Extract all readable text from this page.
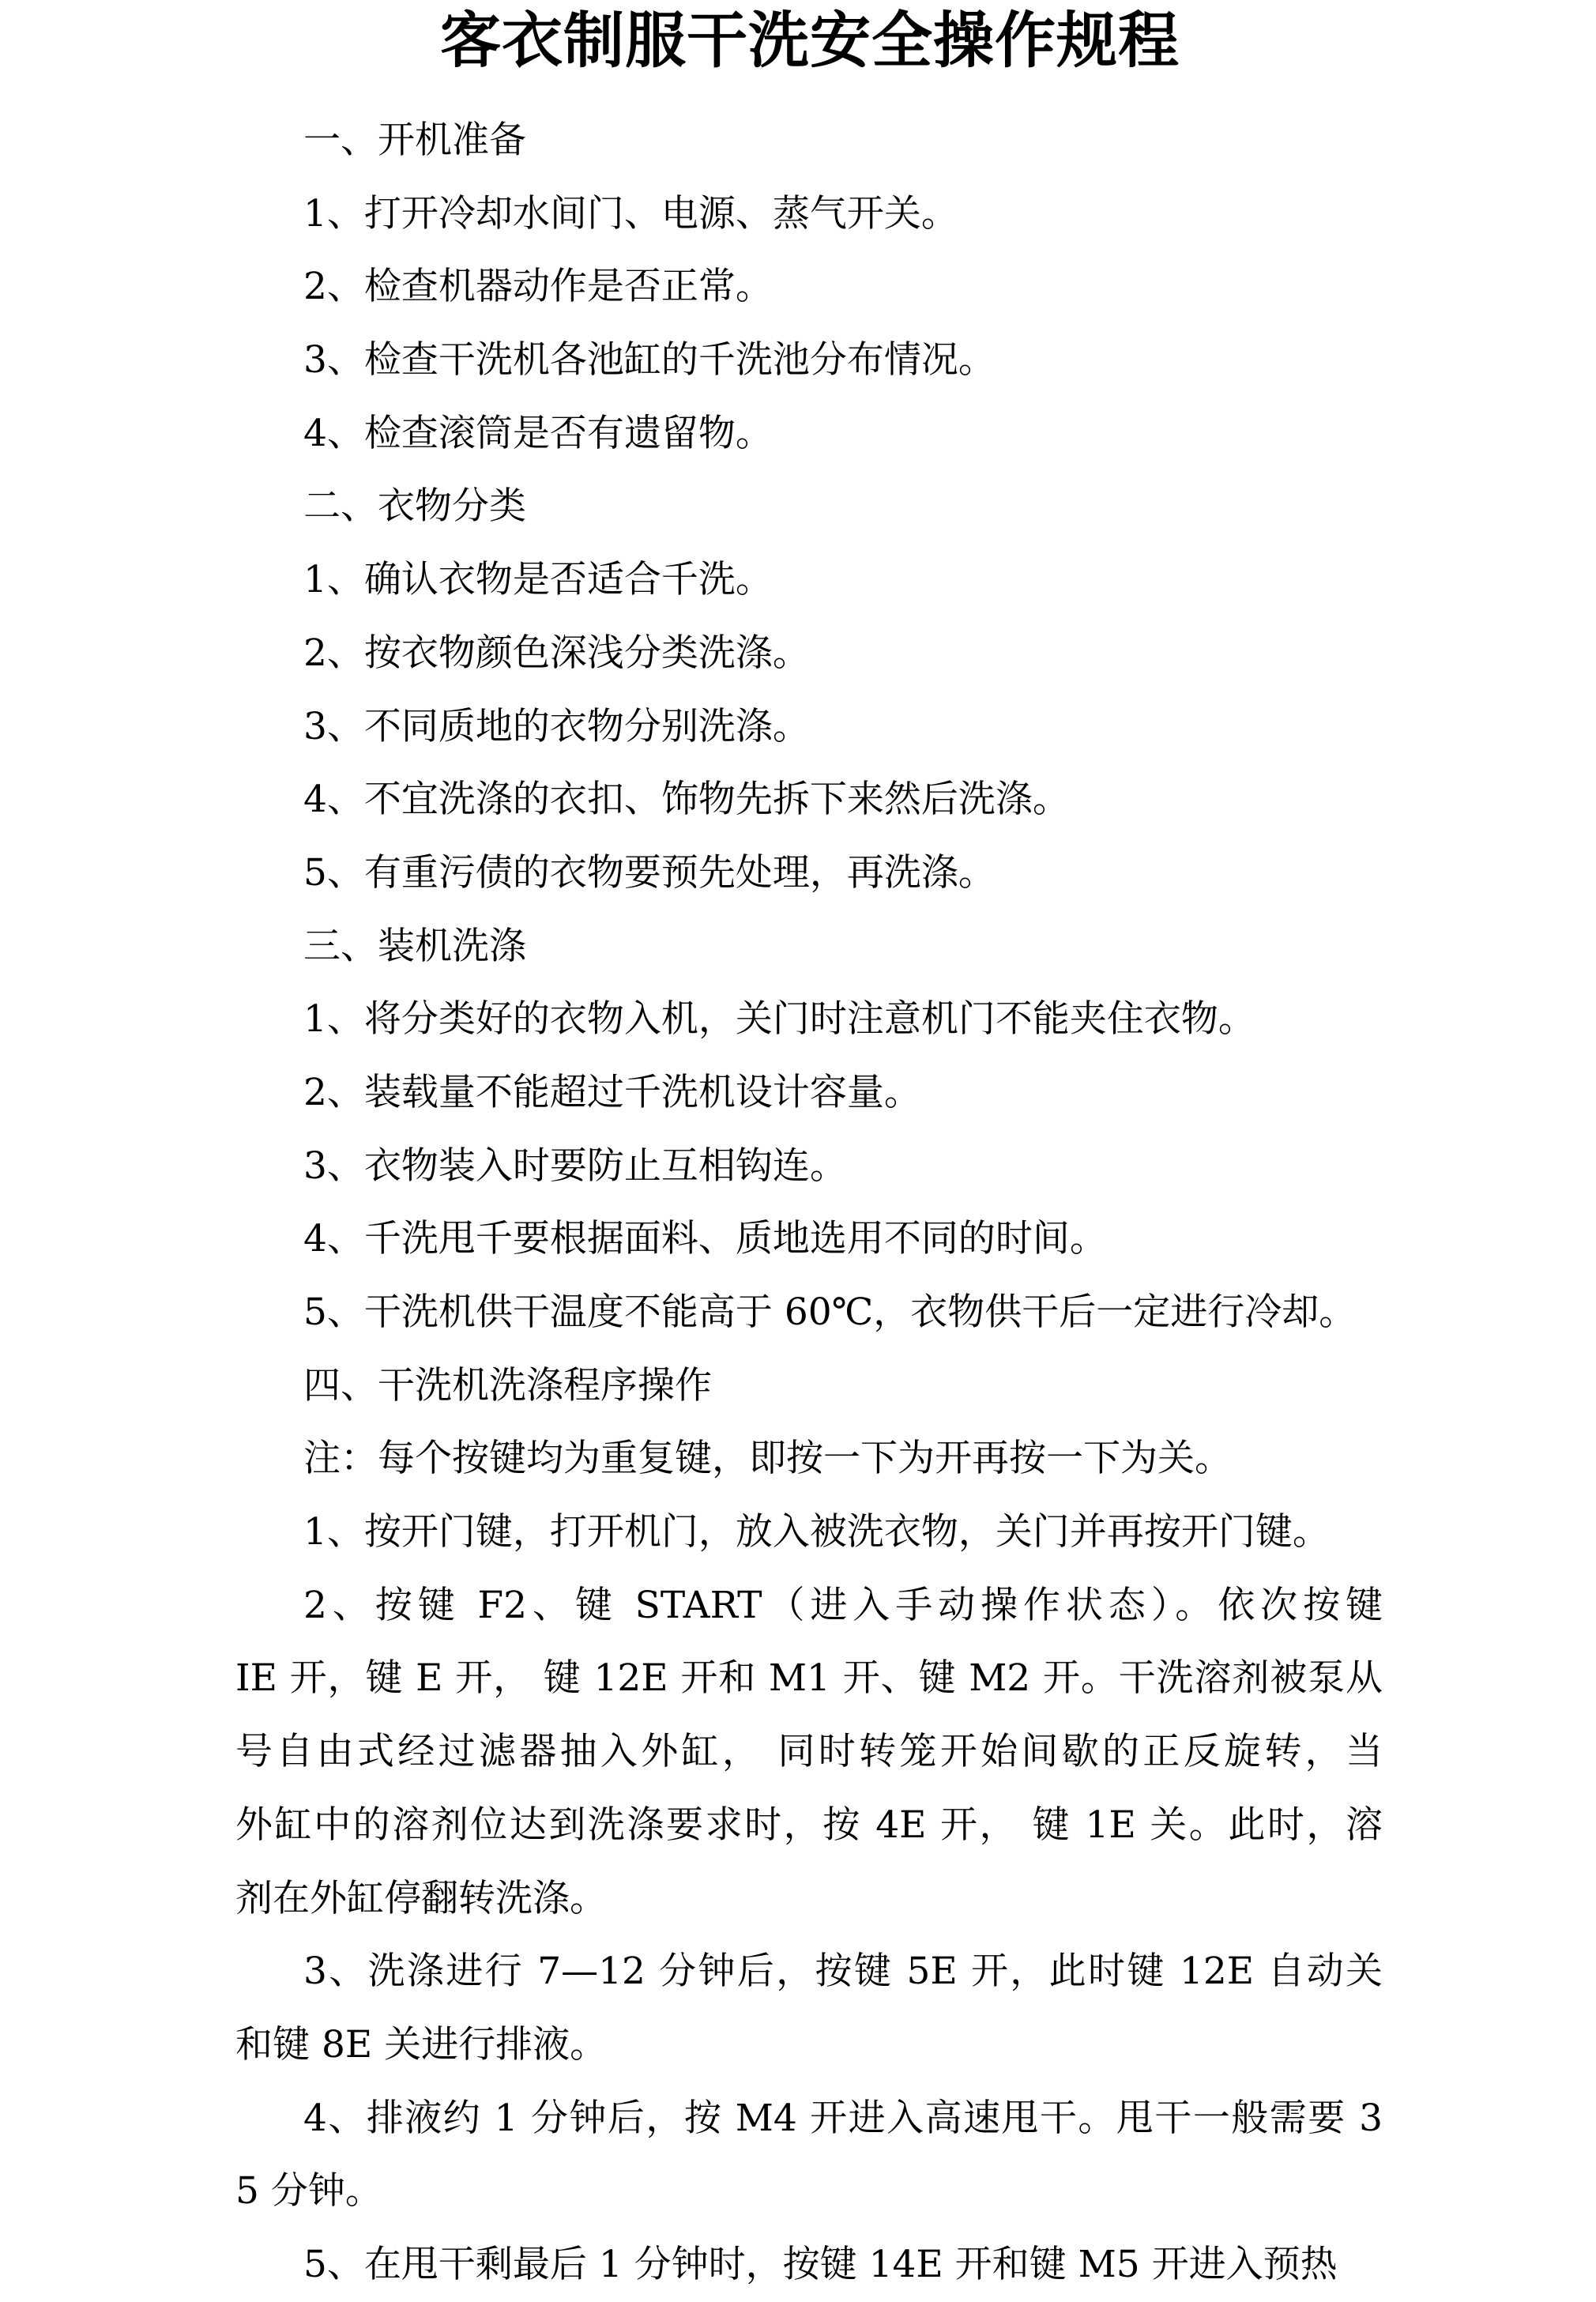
客衣制服干洗安全操作规程
一、开机准备
1、打开冷却水间门、电源、蒸气开关。
2、检查机器动作是否正常。
3、检查干洗机各池缸的千洗池分布情况。
4、检查滚筒是否有遗留物。
二、衣物分类
1、确认衣物是否适合千洗。
2、按衣物颜色深浅分类洗涤。
3、不同质地的衣物分别洗涤。
4、不宜洗涤的衣扣、饰物先拆下来然后洗涤。
5、有重污债的衣物要预先处理，再洗涤。
三、装机洗涤
1、将分类好的衣物入机，关门时注意机门不能夹住衣物。
2、装载量不能超过千洗机设计容量。
3、衣物装入时要防止互相钩连。
4、千洗甩千要根据面料、质地选用不同的时间。
5、干洗机供干温度不能高于 60℃，衣物供干后一定进行冷却。
四、干洗机洗涤程序操作
注：每个按键均为重复键，即按一下为开再按一下为关。
1、按开门键，打开机门，放入被洗衣物，关门并再按开门键。
2、按键 F2、键 START（进入手动操作状态）。依次按键
IE 开，键 E 开， 键 12E 开和 M1 开、键 M2 开。干洗溶剂被泵从
号自由式经过滤器抽入外缸， 同时转笼开始间歇的正反旋转，当
外缸中的溶剂位达到洗涤要求时，按 4E 开， 键 1E 关。此时，溶
剂在外缸停翻转洗涤。
3、洗涤进行 7—12 分钟后，按键 5E 开，此时键 12E 自动关
和键 8E 关进行排液。
4、排液约 1 分钟后，按 M4 开进入高速甩干。甩干一般需要 3
5 分钟。
5、在甩干剩最后 1 分钟时，按键 14E 开和键 M5 开进入预热
